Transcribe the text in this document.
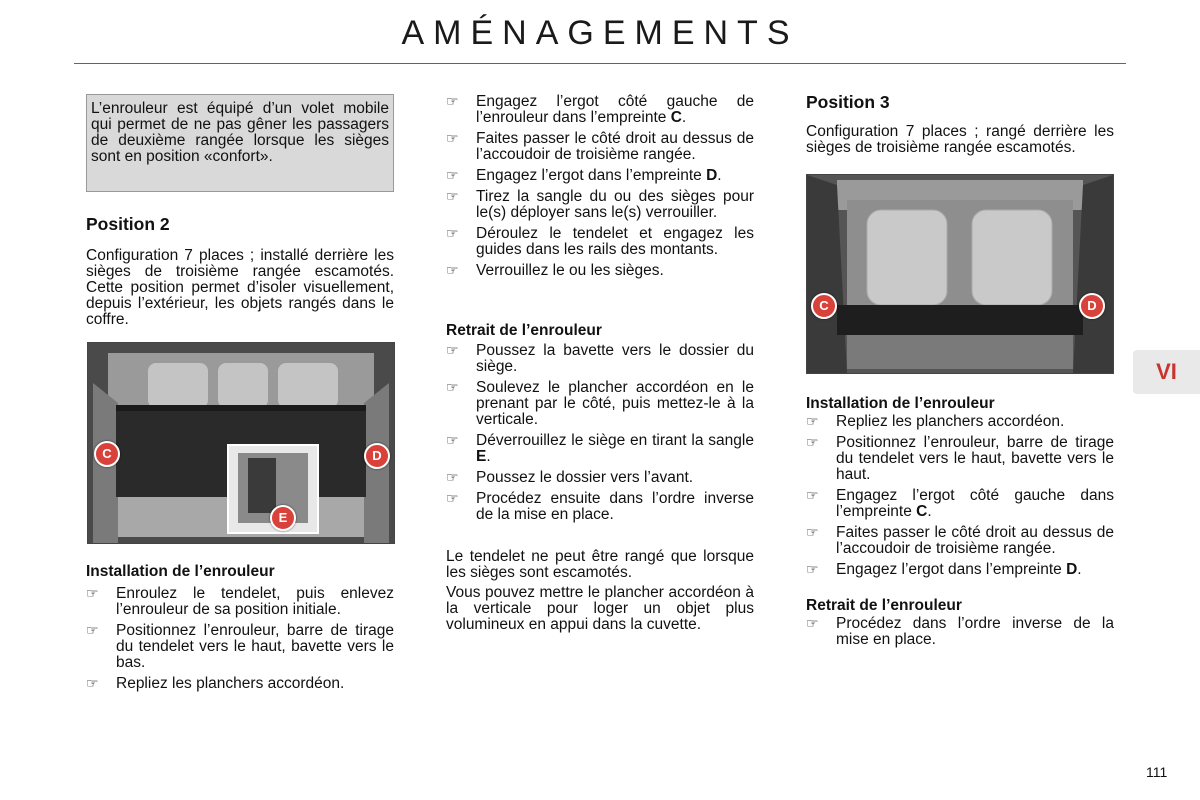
AMÉNAGEMENTS

L’enrouleur est équipé d’un volet mobile qui permet de ne pas gêner les passagers de deuxième rangée lorsque les sièges sont en position «confort».

Position 2

Configuration 7 places ; installé derrière les sièges de troisième rangée escamotés. Cette position permet d’isoler visuellement, depuis l’extérieur, les objets rangés dans le coffre.

C	D
E
Installation de l’enrouleur
☞	Enroulez le tendelet, puis enlevez l’enrouleur de sa position initiale.
☞	Positionnez l’enrouleur, barre de tirage du tendelet vers le haut, bavette vers le bas.
☞	Repliez les planchers accordéon.
☞	Engagez l’ergot côté gauche de l’enrouleur dans l’empreinte C.
☞	Faites passer le côté droit au dessus de l’accoudoir de troisième rangée.
☞	Engagez l’ergot dans l’empreinte D.
☞	Tirez la sangle du ou des sièges pour le(s) déployer sans le(s) verrouiller.
☞	Déroulez le tendelet et engagez les guides dans les rails des montants.
☞	Verrouillez le ou les sièges.
Retrait de l’enrouleur
☞	Poussez la bavette vers le dossier du siège.
☞	Soulevez le plancher accordéon en le prenant par le côté, puis mettez-le à la verticale.
☞	Déverrouillez le siège en tirant la sangle E.
☞	Poussez le dossier vers l’avant.
☞	Procédez ensuite dans l’ordre inverse de la mise en place.

Le tendelet ne peut être rangé que lorsque les sièges sont escamotés.

Vous pouvez mettre le plancher accordéon à la verticale pour loger un objet plus volumineux en appui dans la cuvette.

Position 3

Configuration 7 places ; rangé derrière les sièges de troisième rangée escamotés.

C	D
Installation de l’enrouleur
☞	Repliez les planchers accordéon.
☞	Positionnez l’enrouleur, barre de tirage du tendelet vers le haut, bavette vers le haut.
☞	Engagez l’ergot côté gauche dans l’empreinte C.
☞	Faites passer le côté droit au dessus de l’accoudoir de troisième rangée.
☞	Engagez l’ergot dans l’empreinte D.
Retrait de l’enrouleur
☞	Procédez dans l’ordre inverse de la mise en place.
VI
111
